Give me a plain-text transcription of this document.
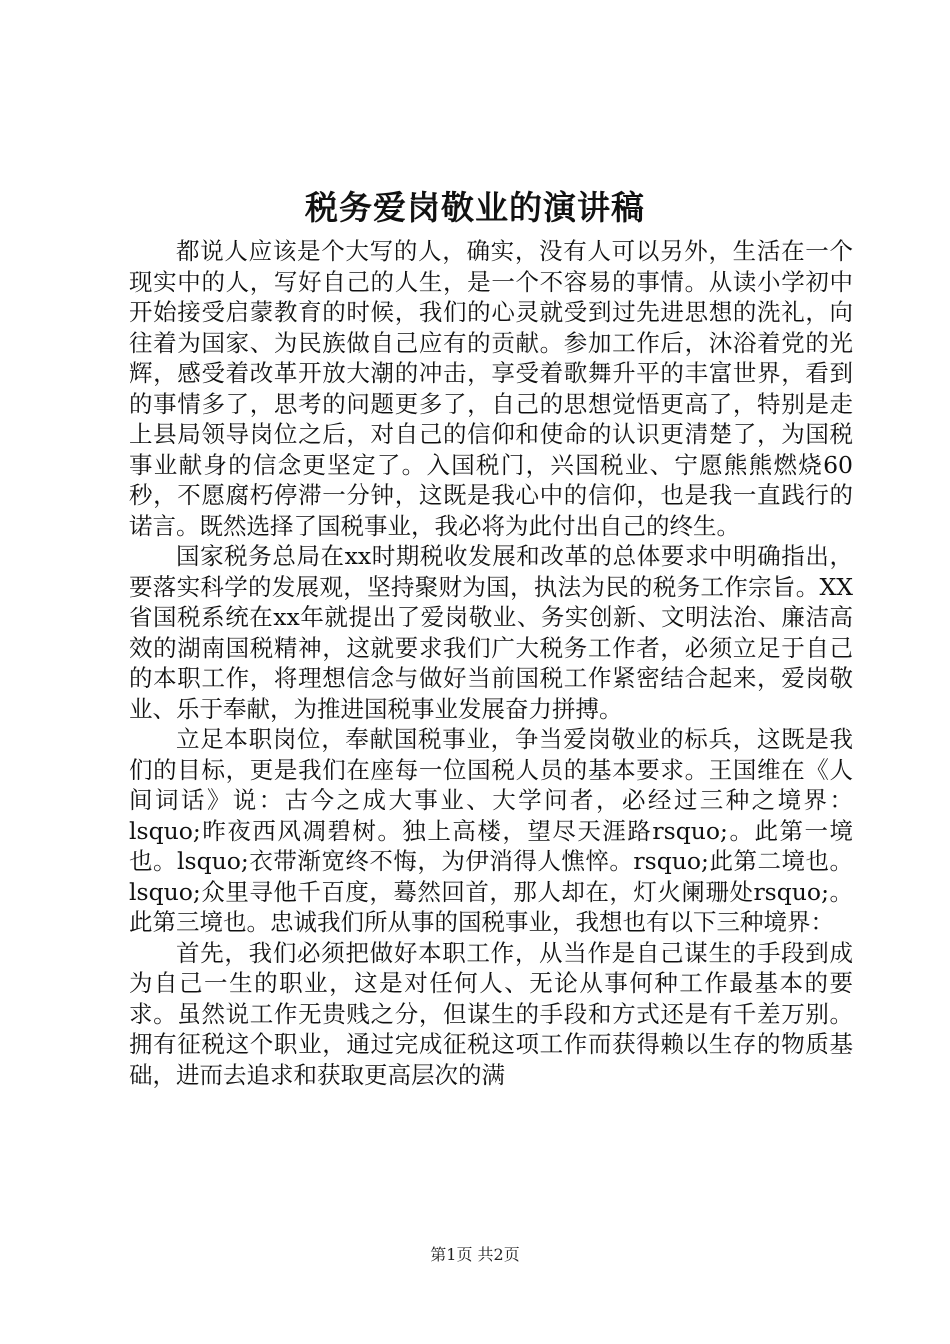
税务爱岗敬业的演讲稿

都说人应该是个大写的人，确实，没有人可以另外，生活在一个现实中的人，写好自己的人生，是一个不容易的事情。从读小学初中开始接受启蒙教育的时候，我们的心灵就受到过先进思想的洗礼，向往着为国家、为民族做自己应有的贡献。参加工作后，沐浴着党的光辉，感受着改革开放大潮的冲击，享受着歌舞升平的丰富世界，看到的事情多了，思考的问题更多了，自己的思想觉悟更高了，特别是走上县局领导岗位之后，对自己的信仰和使命的认识更清楚了，为国税事业献身的信念更坚定了。入国税门，兴国税业、宁愿熊熊燃烧60秒，不愿腐朽停滞一分钟，这既是我心中的信仰，也是我一直践行的诺言。既然选择了国税事业，我必将为此付出自己的终生。

国家税务总局在xx时期税收发展和改革的总体要求中明确指出，要落实科学的发展观，坚持聚财为国，执法为民的税务工作宗旨。XX省国税系统在xx年就提出了爱岗敬业、务实创新、文明法治、廉洁高效的湖南国税精神，这就要求我们广大税务工作者，必须立足于自己的本职工作，将理想信念与做好当前国税工作紧密结合起来，爱岗敬业、乐于奉献，为推进国税事业发展奋力拼搏。

立足本职岗位，奉献国税事业，争当爱岗敬业的标兵，这既是我们的目标，更是我们在座每一位国税人员的基本要求。王国维在《人间词话》说：古今之成大事业、大学问者，必经过三种之境界：lsquo;昨夜西风凋碧树。独上高楼，望尽天涯路rsquo;。此第一境也。lsquo;衣带渐宽终不悔，为伊消得人憔悴。rsquo;此第二境也。lsquo;众里寻他千百度，蓦然回首，那人却在，灯火阑珊处rsquo;。此第三境也。忠诚我们所从事的国税事业，我想也有以下三种境界：

首先，我们必须把做好本职工作，从当作是自己谋生的手段到成为自己一生的职业，这是对任何人、无论从事何种工作最基本的要求。虽然说工作无贵贱之分，但谋生的手段和方式还是有千差万别。拥有征税这个职业，通过完成征税这项工作而获得赖以生存的物质基础，进而去追求和获取更高层次的满

第1页 共2页
